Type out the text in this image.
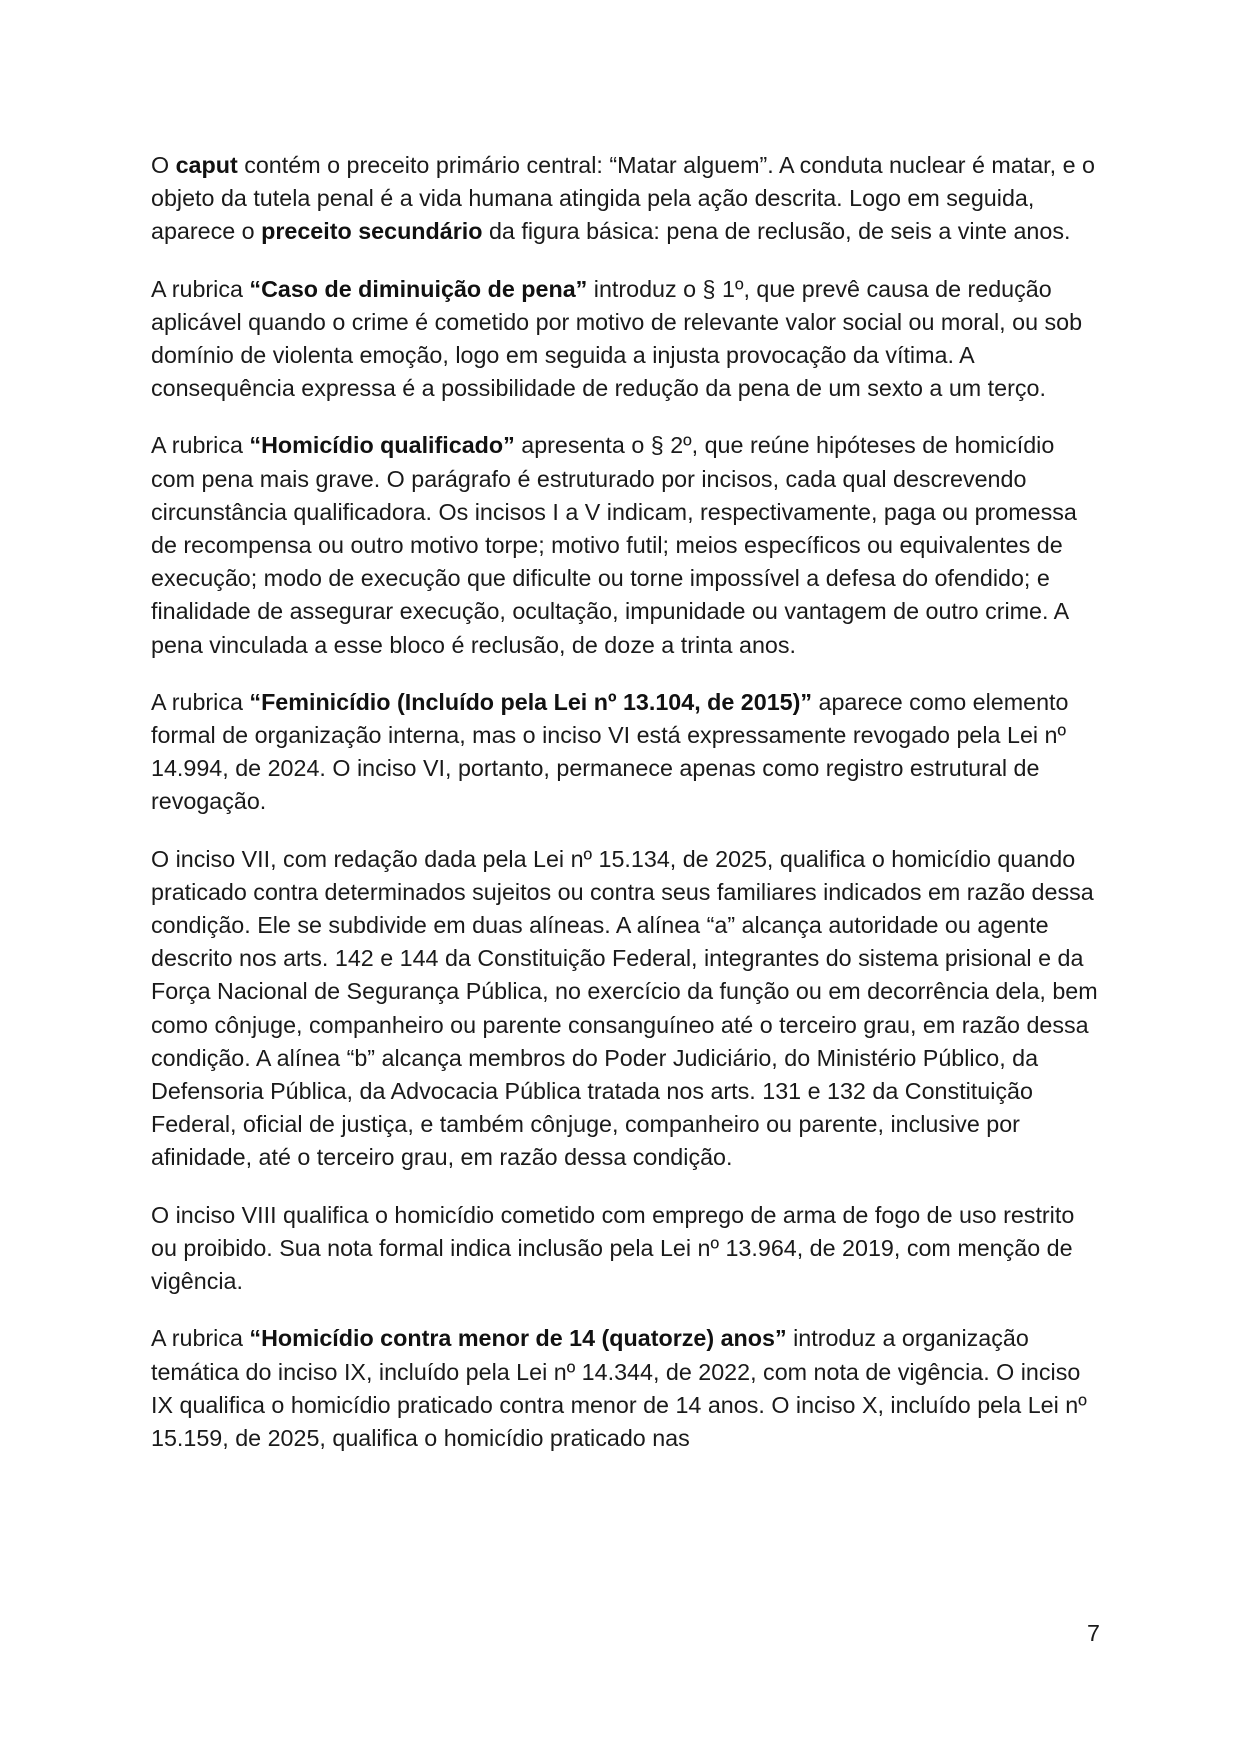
O caput contém o preceito primário central: “Matar alguem”. A conduta nuclear é matar, e o objeto da tutela penal é a vida humana atingida pela ação descrita. Logo em seguida, aparece o preceito secundário da figura básica: pena de reclusão, de seis a vinte anos.

A rubrica “Caso de diminuição de pena” introduz o § 1º, que prevê causa de redução aplicável quando o crime é cometido por motivo de relevante valor social ou moral, ou sob domínio de violenta emoção, logo em seguida a injusta provocação da vítima. A consequência expressa é a possibilidade de redução da pena de um sexto a um terço.

A rubrica “Homicídio qualificado” apresenta o § 2º, que reúne hipóteses de homicídio com pena mais grave. O parágrafo é estruturado por incisos, cada qual descrevendo circunstância qualificadora. Os incisos I a V indicam, respectivamente, paga ou promessa de recompensa ou outro motivo torpe; motivo futil; meios específicos ou equivalentes de execução; modo de execução que dificulte ou torne impossível a defesa do ofendido; e finalidade de assegurar execução, ocultação, impunidade ou vantagem de outro crime. A pena vinculada a esse bloco é reclusão, de doze a trinta anos.

A rubrica “Feminicídio (Incluído pela Lei nº 13.104, de 2015)” aparece como elemento formal de organização interna, mas o inciso VI está expressamente revogado pela Lei nº 14.994, de 2024. O inciso VI, portanto, permanece apenas como registro estrutural de revogação.

O inciso VII, com redação dada pela Lei nº 15.134, de 2025, qualifica o homicídio quando praticado contra determinados sujeitos ou contra seus familiares indicados em razão dessa condição. Ele se subdivide em duas alíneas. A alínea “a” alcança autoridade ou agente descrito nos arts. 142 e 144 da Constituição Federal, integrantes do sistema prisional e da Força Nacional de Segurança Pública, no exercício da função ou em decorrência dela, bem como cônjuge, companheiro ou parente consanguíneo até o terceiro grau, em razão dessa condição. A alínea “b” alcança membros do Poder Judiciário, do Ministério Público, da Defensoria Pública, da Advocacia Pública tratada nos arts. 131 e 132 da Constituição Federal, oficial de justiça, e também cônjuge, companheiro ou parente, inclusive por afinidade, até o terceiro grau, em razão dessa condição.

O inciso VIII qualifica o homicídio cometido com emprego de arma de fogo de uso restrito ou proibido. Sua nota formal indica inclusão pela Lei nº 13.964, de 2019, com menção de vigência.

A rubrica “Homicídio contra menor de 14 (quatorze) anos” introduz a organização temática do inciso IX, incluído pela Lei nº 14.344, de 2022, com nota de vigência. O inciso IX qualifica o homicídio praticado contra menor de 14 anos. O inciso X, incluído pela Lei nº 15.159, de 2025, qualifica o homicídio praticado nas

7
